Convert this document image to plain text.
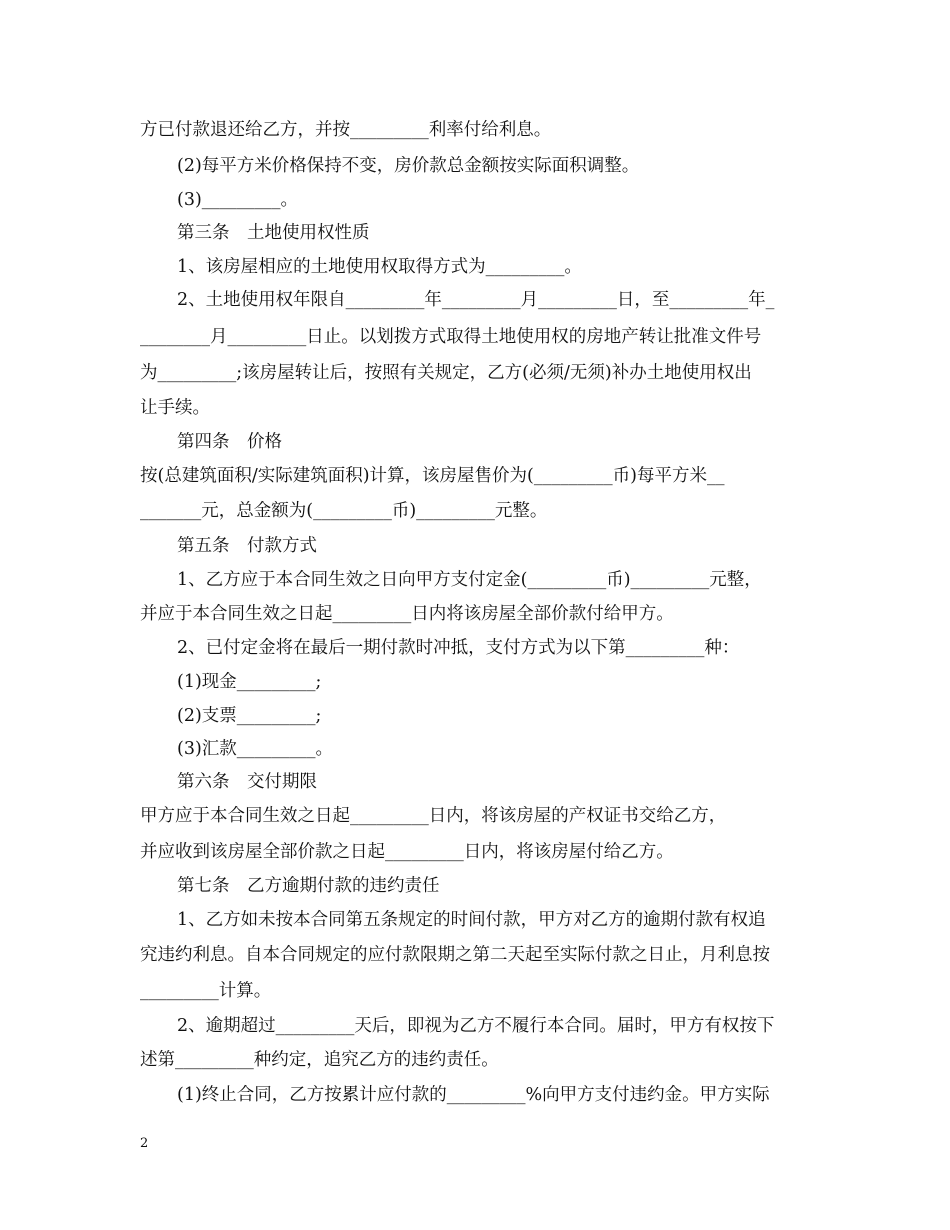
方已付款退还给乙方，并按_________利率付给利息。
(2)每平方米价格保持不变，房价款总金额按实际面积调整。
(3)_________。
第三条　土地使用权性质
1、该房屋相应的土地使用权取得方式为_________。
2、土地使用权年限自_________年_________月_________日，至_________年_
________月_________日止。以划拨方式取得土地使用权的房地产转让批准文件号
为_________;该房屋转让后，按照有关规定，乙方(必须/无须)补办土地使用权出
让手续。
第四条　价格
按(总建筑面积/实际建筑面积)计算，该房屋售价为(_________币)每平方米__
_______元，总金额为(_________币)_________元整。
第五条　付款方式
1、乙方应于本合同生效之日向甲方支付定金(_________币)_________元整，
并应于本合同生效之日起_________日内将该房屋全部价款付给甲方。
2、已付定金将在最后一期付款时冲抵，支付方式为以下第_________种：
(1)现金_________;
(2)支票_________;
(3)汇款_________。
第六条　交付期限
甲方应于本合同生效之日起_________日内，将该房屋的产权证书交给乙方，
并应收到该房屋全部价款之日起_________日内，将该房屋付给乙方。
第七条　乙方逾期付款的违约责任
1、乙方如未按本合同第五条规定的时间付款，甲方对乙方的逾期付款有权追
究违约利息。自本合同规定的应付款限期之第二天起至实际付款之日止，月利息按
_________计算。
2、逾期超过_________天后，即视为乙方不履行本合同。届时，甲方有权按下
述第_________种约定，追究乙方的违约责任。
(1)终止合同，乙方按累计应付款的_________%向甲方支付违约金。甲方实际
2
